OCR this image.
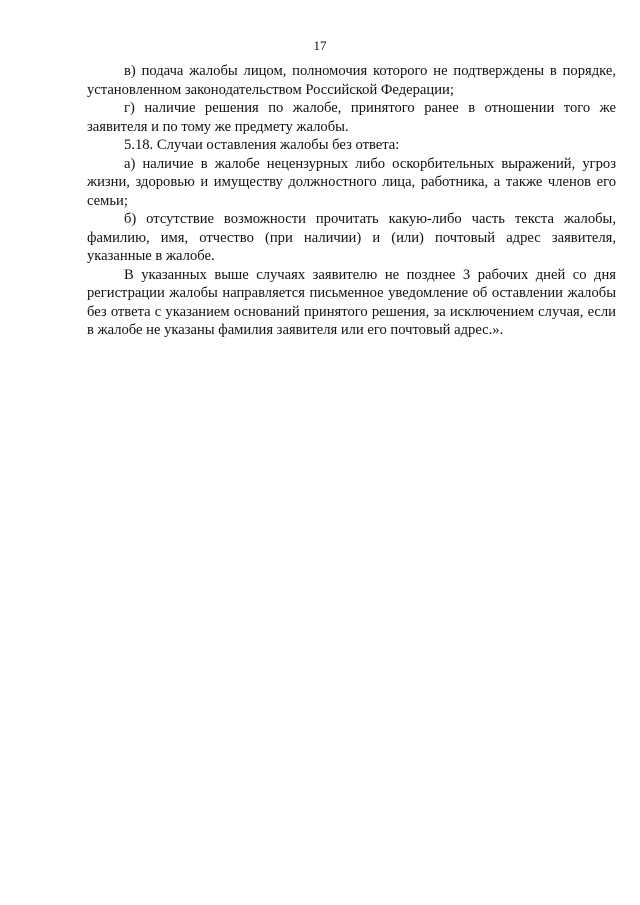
17

в) подача жалобы лицом, полномочия которого не подтверждены в порядке, установленном законодательством Российской Федерации;

г) наличие решения по жалобе, принятого ранее в отношении того же заявителя и по тому же предмету жалобы.

5.18. Случаи оставления жалобы без ответа:

а) наличие в жалобе нецензурных либо оскорбительных выражений, угроз жизни, здоровью и имуществу должностного лица, работника, а также членов его семьи;

б) отсутствие возможности прочитать какую-либо часть текста жалобы, фамилию, имя, отчество (при наличии) и (или) почтовый адрес заявителя, указанные в жалобе.

В указанных выше случаях заявителю не позднее 3 рабочих дней со дня регистрации жалобы направляется письменное уведомление об оставлении жалобы без ответа с указанием оснований принятого решения, за исключением случая, если в жалобе не указаны фамилия заявителя или его почтовый адрес.».
